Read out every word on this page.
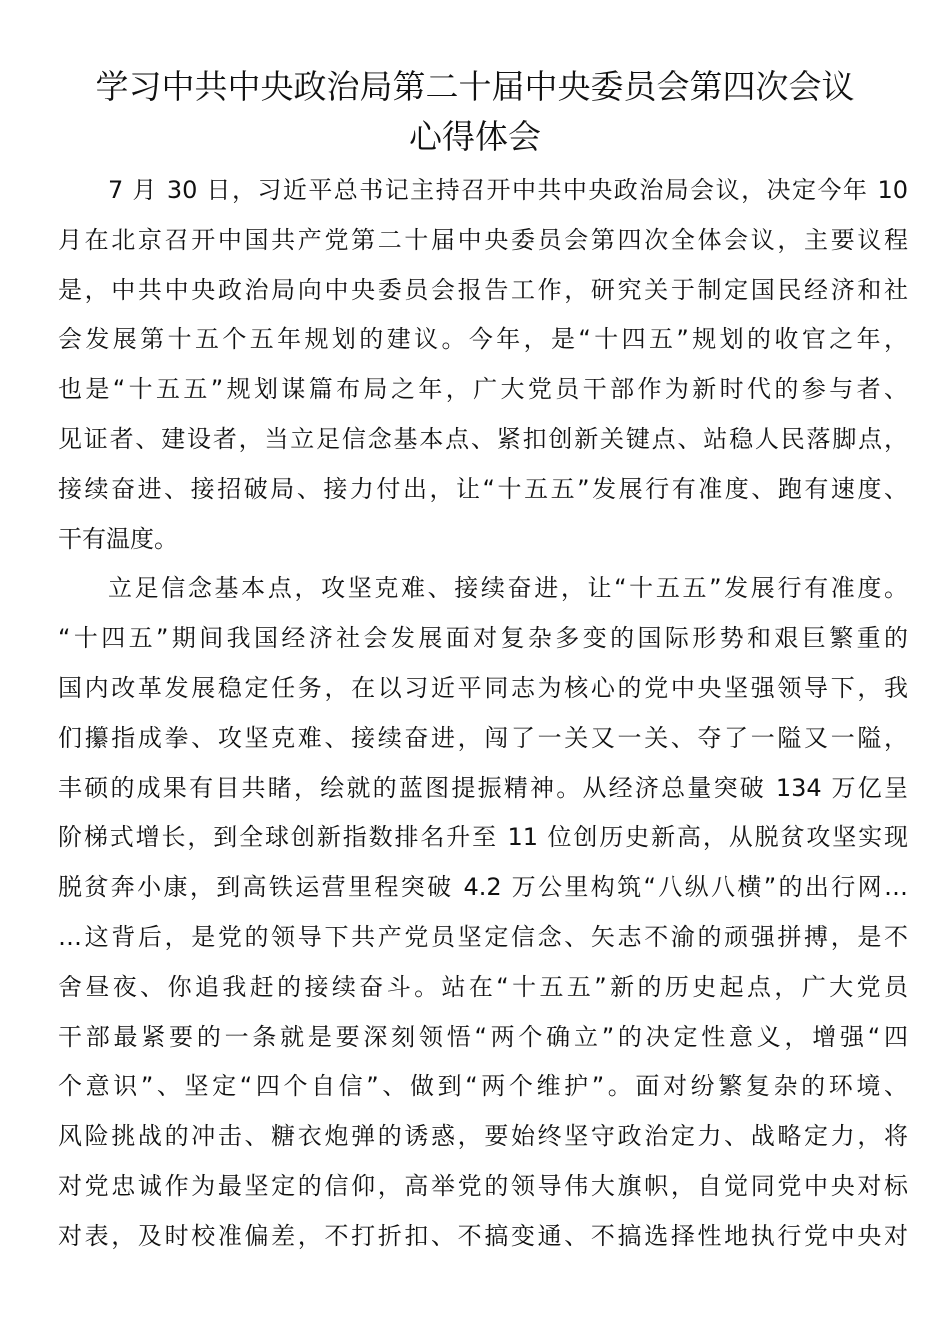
学习中共中央政治局第二十届中央委员会第四次会议
心得体会
7 月 30 日，习近平总书记主持召开中共中央政治局会议，决定今年 10
月在北京召开中国共产党第二十届中央委员会第四次全体会议，主要议程
是，中共中央政治局向中央委员会报告工作，研究关于制定国民经济和社
会发展第十五个五年规划的建议。今年，是“十四五”规划的收官之年，
也是“十五五”规划谋篇布局之年，广大党员干部作为新时代的参与者、
见证者、建设者，当立足信念基本点、紧扣创新关键点、站稳人民落脚点，
接续奋进、接招破局、接力付出，让“十五五”发展行有准度、跑有速度、
干有温度。
立足信念基本点，攻坚克难、接续奋进，让“十五五”发展行有准度。
“十四五”期间我国经济社会发展面对复杂多变的国际形势和艰巨繁重的
国内改革发展稳定任务，在以习近平同志为核心的党中央坚强领导下，我
们攥指成拳、攻坚克难、接续奋进，闯了一关又一关、夺了一隘又一隘，
丰硕的成果有目共睹，绘就的蓝图提振精神。从经济总量突破 134 万亿呈
阶梯式增长，到全球创新指数排名升至 11 位创历史新高，从脱贫攻坚实现
脱贫奔小康，到高铁运营里程突破 4.2 万公里构筑“八纵八横”的出行网…
…这背后，是党的领导下共产党员坚定信念、矢志不渝的顽强拼搏，是不
舍昼夜、你追我赶的接续奋斗。站在“十五五”新的历史起点，广大党员
干部最紧要的一条就是要深刻领悟“两个确立”的决定性意义，增强“四
个意识”、坚定“四个自信”、做到“两个维护”。面对纷繁复杂的环境、
风险挑战的冲击、糖衣炮弹的诱惑，要始终坚守政治定力、战略定力，将
对党忠诚作为最坚定的信仰，高举党的领导伟大旗帜，自觉同党中央对标
对表，及时校准偏差，不打折扣、不搞变通、不搞选择性地执行党中央对
